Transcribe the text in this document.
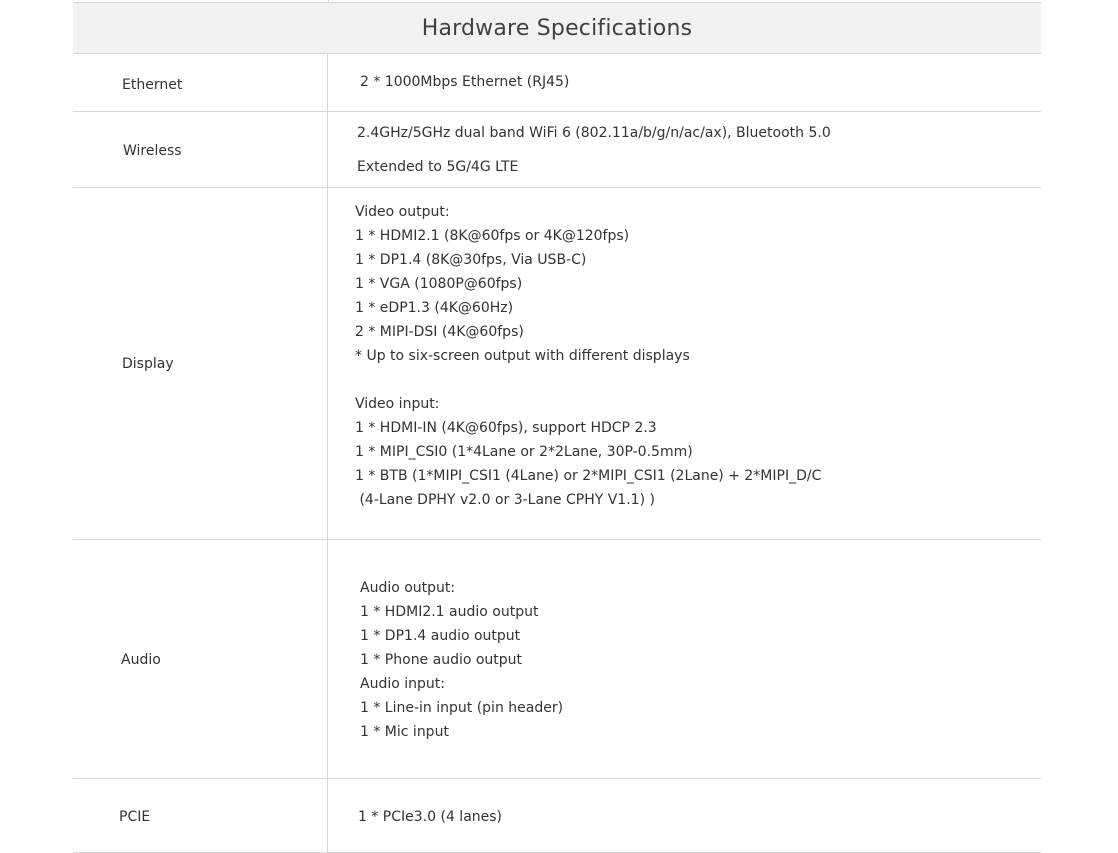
Hardware Specifications
Ethernet	2 * 1000Mbps Ethernet (RJ45)
Wireless
2.4GHz/5GHz dual band WiFi 6 (802.11a/b/g/n/ac/ax), Bluetooth 5.0
Extended to 5G/4G LTE
Display
Video output:
1 * HDMI2.1 (8K@60fps or 4K@120fps)
1 * DP1.4 (8K@30fps, Via USB-C)
1 * VGA (1080P@60fps)
1 * eDP1.3 (4K@60Hz)
2 * MIPI-DSI (4K@60fps)
* Up to six-screen output with different displays
Video input:
1 * HDMI-IN (4K@60fps), support HDCP 2.3
1 * MIPI_CSI0 (1*4Lane or 2*2Lane, 30P-0.5mm)
1 * BTB (1*MIPI_CSI1 (4Lane) or 2*MIPI_CSI1 (2Lane) + 2*MIPI_D/C
(4-Lane DPHY v2.0 or 3-Lane CPHY V1.1) )
Audio
Audio output:
1 * HDMI2.1 audio output
1 * DP1.4 audio output
1 * Phone audio output
Audio input:
1 * Line-in input (pin header)
1 * Mic input
PCIE	1 * PCIe3.0 (4 lanes)
